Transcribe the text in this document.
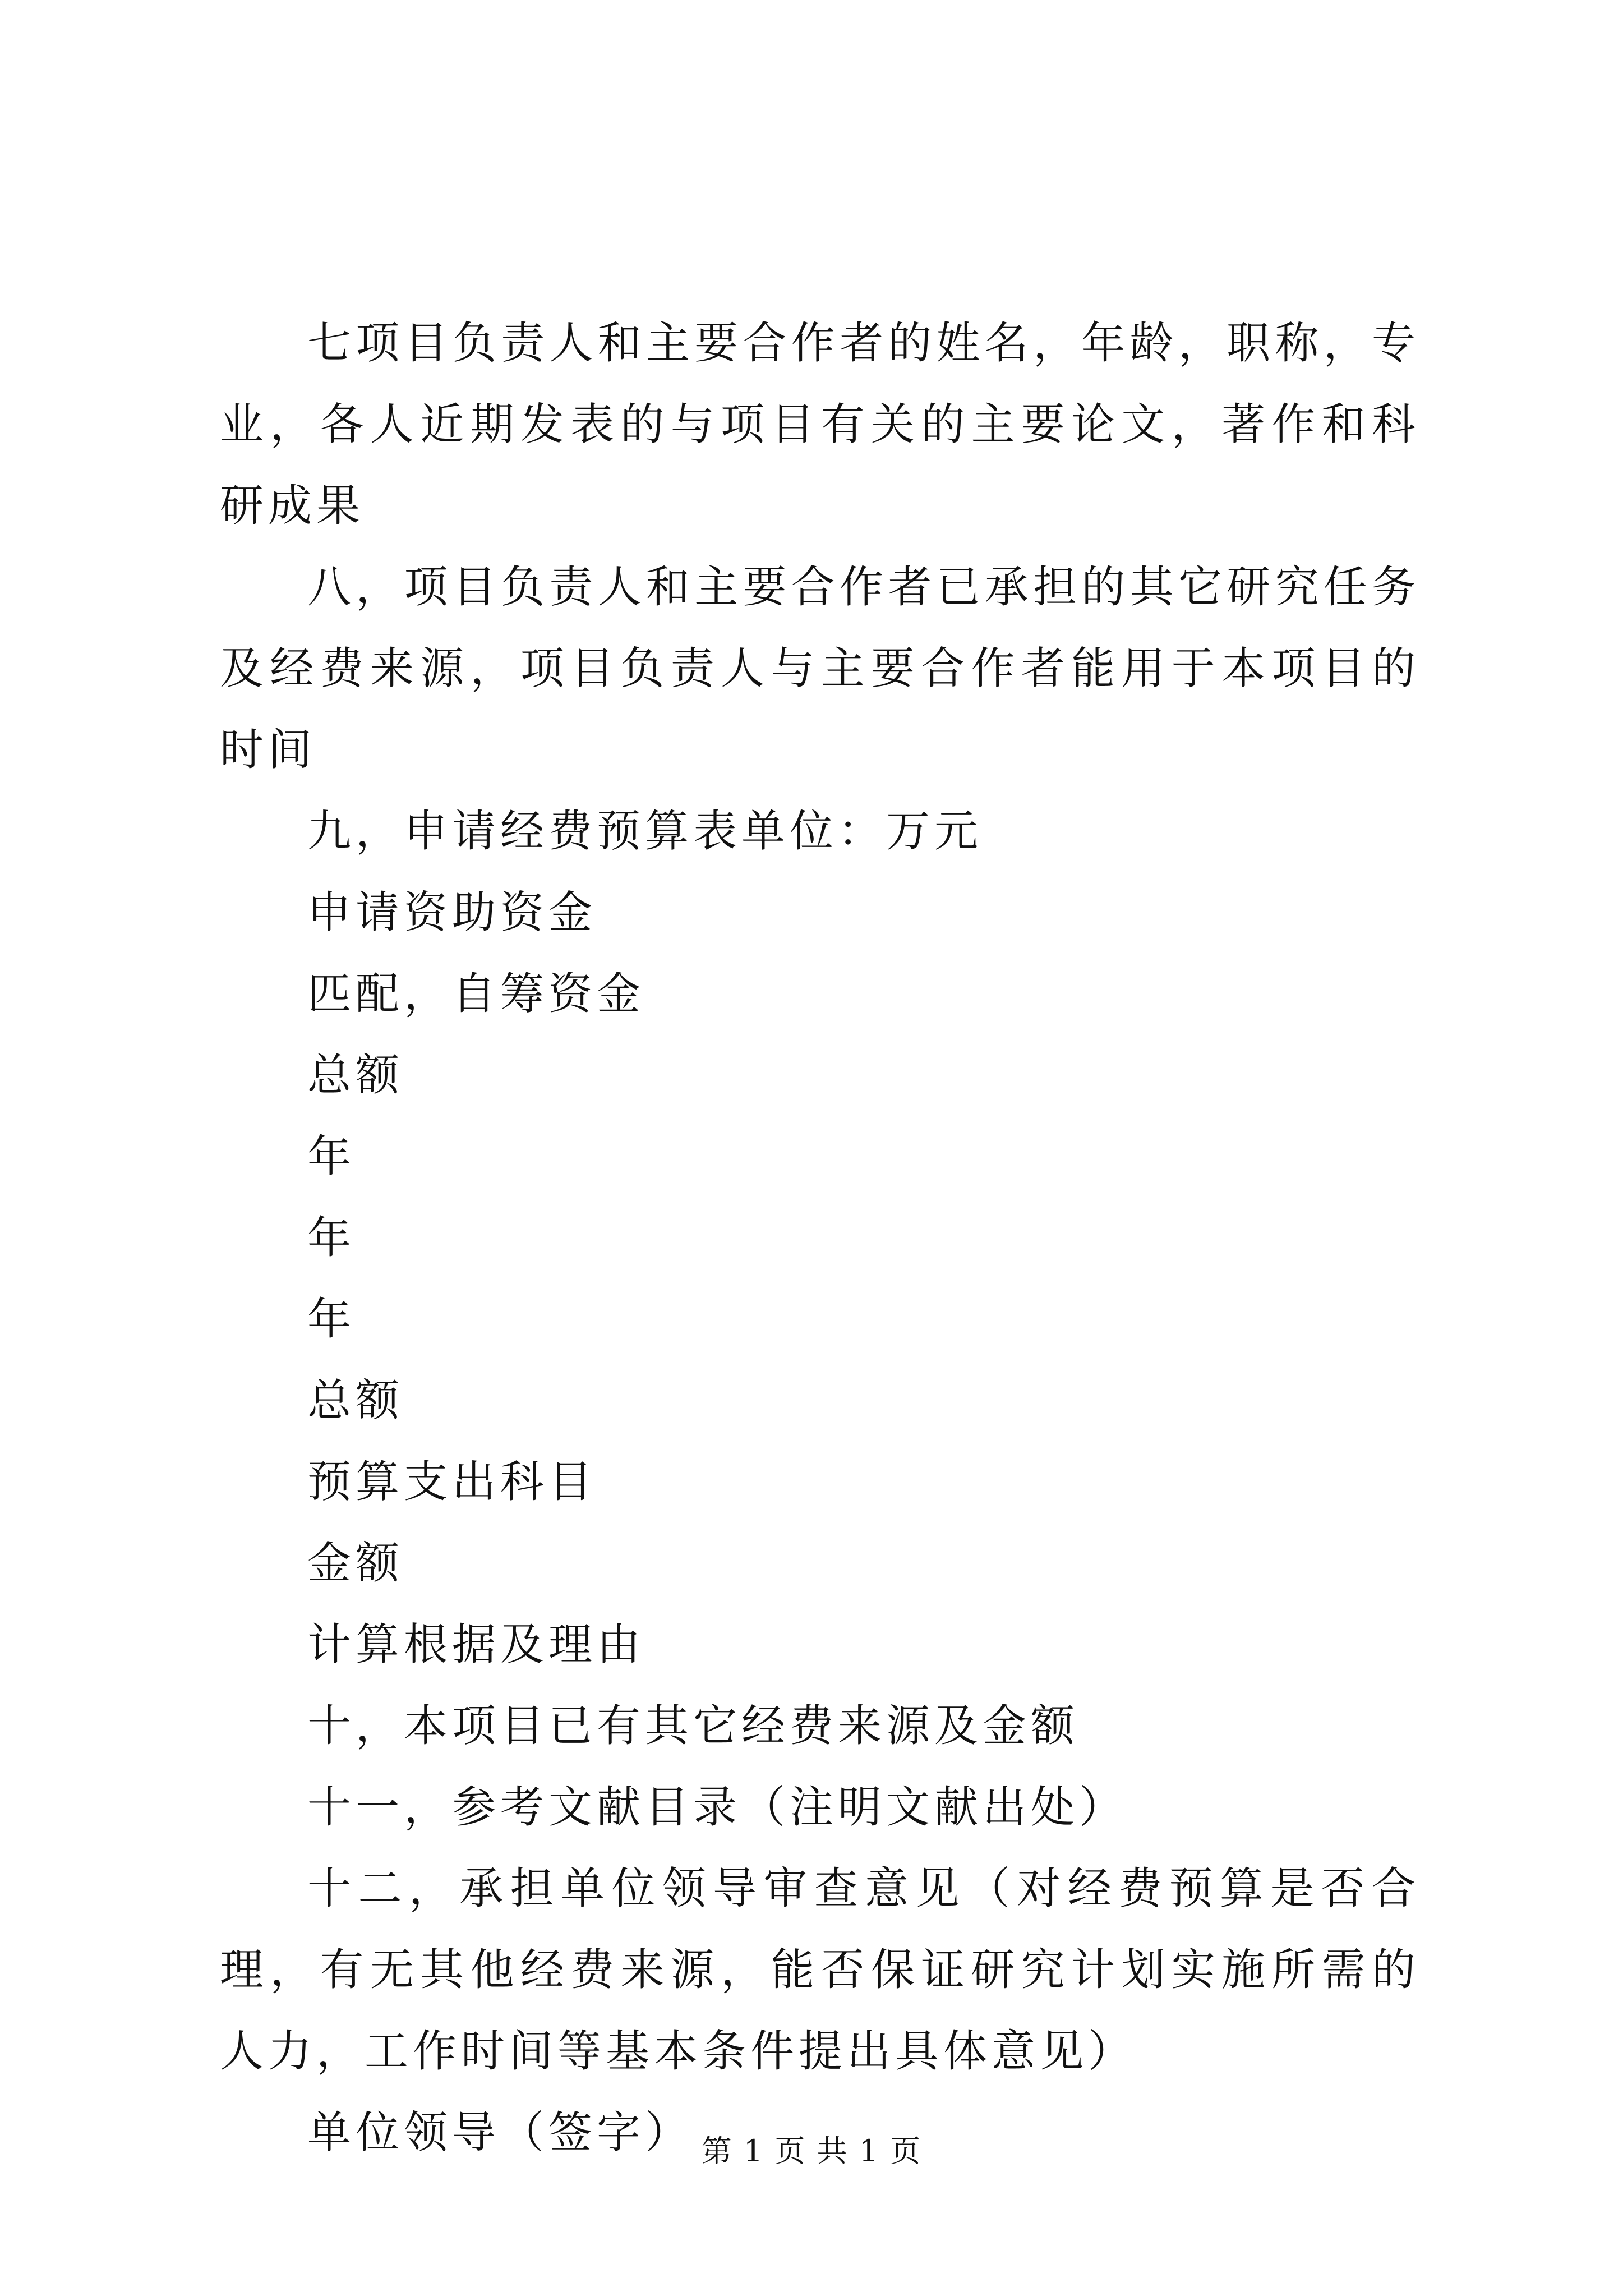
七项目负责人和主要合作者的姓名，年龄，职称，专业，各人近期发表的与项目有关的主要论文，著作和科研成果

八，项目负责人和主要合作者已承担的其它研究任务及经费来源，项目负责人与主要合作者能用于本项目的时间

九，申请经费预算表单位：万元

申请资助资金

匹配，自筹资金

总额

年

年

年

总额

预算支出科目

金额

计算根据及理由

十，本项目已有其它经费来源及金额

十一，参考文献目录（注明文献出处）

十二，承担单位领导审查意见（对经费预算是否合理，有无其他经费来源，能否保证研究计划实施所需的人力，工作时间等基本条件提出具体意见）

单位领导（签字） 第 1 页 共 1 页
